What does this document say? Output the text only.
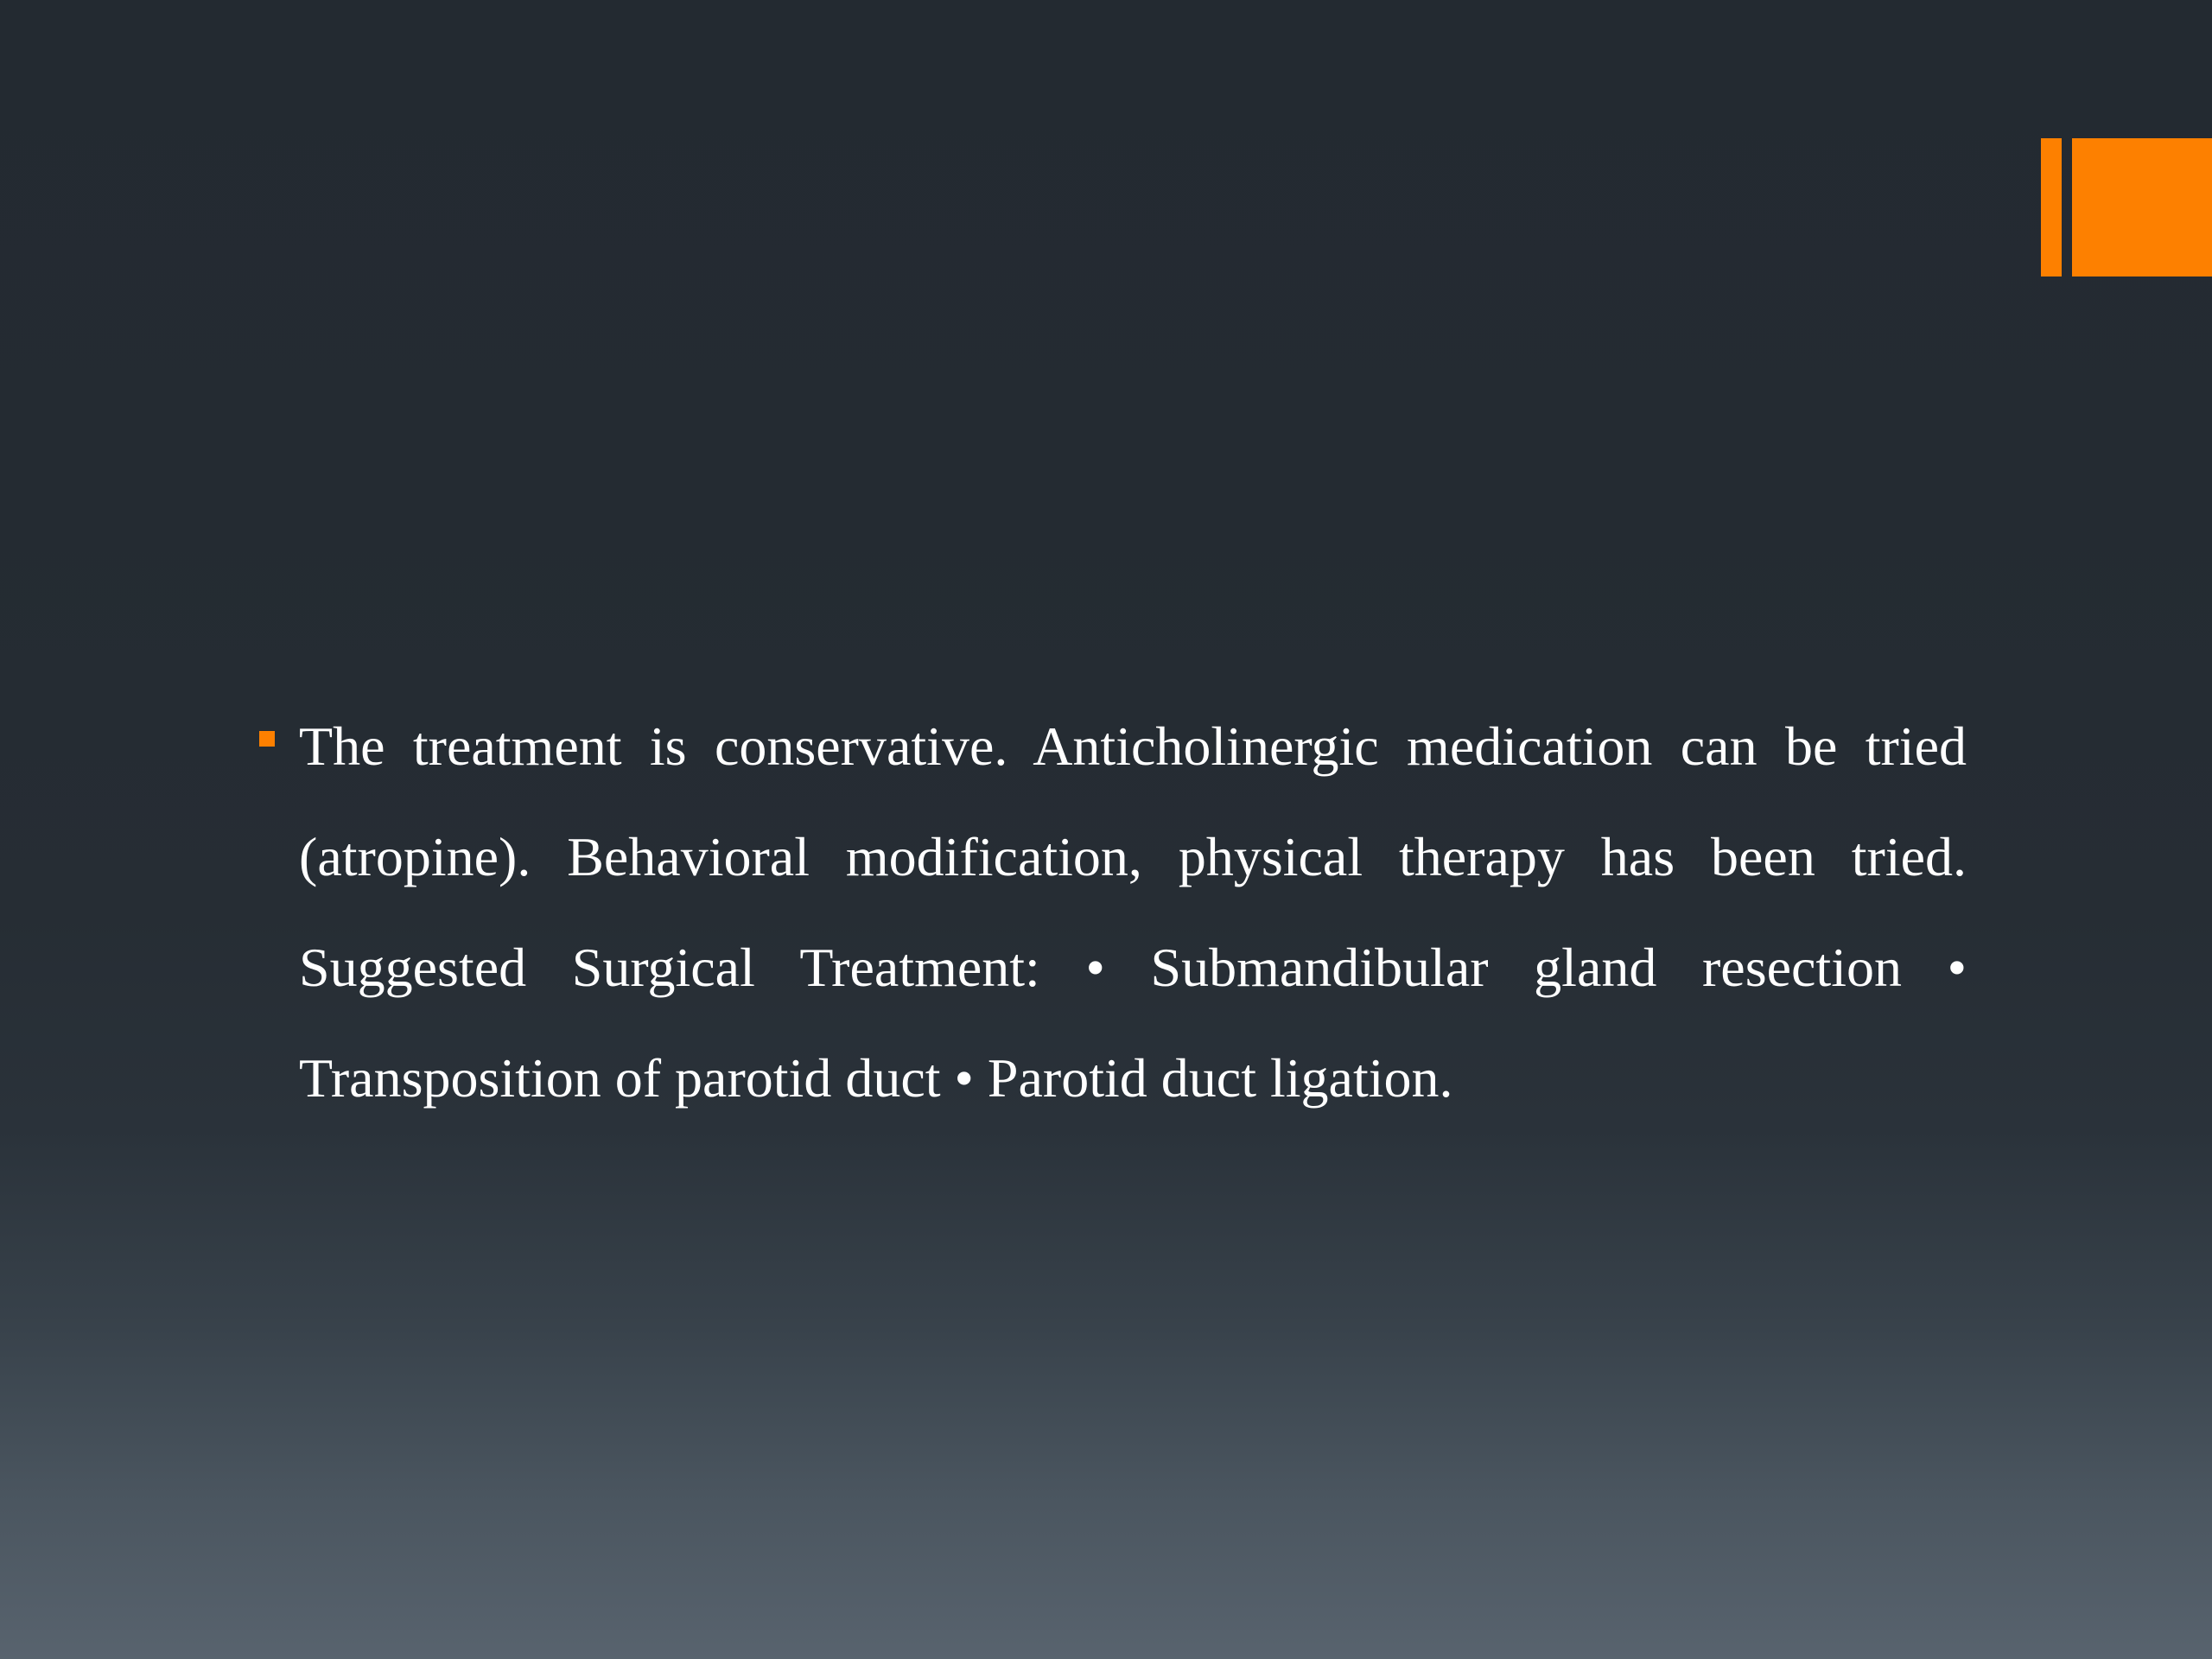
The treatment is conservative. Anticholinergic medication can be tried (atropine). Behavioral modification, physical therapy has been tried. Suggested Surgical Treatment: • Submandibular gland resection • Transposition of parotid duct • Parotid duct ligation.
